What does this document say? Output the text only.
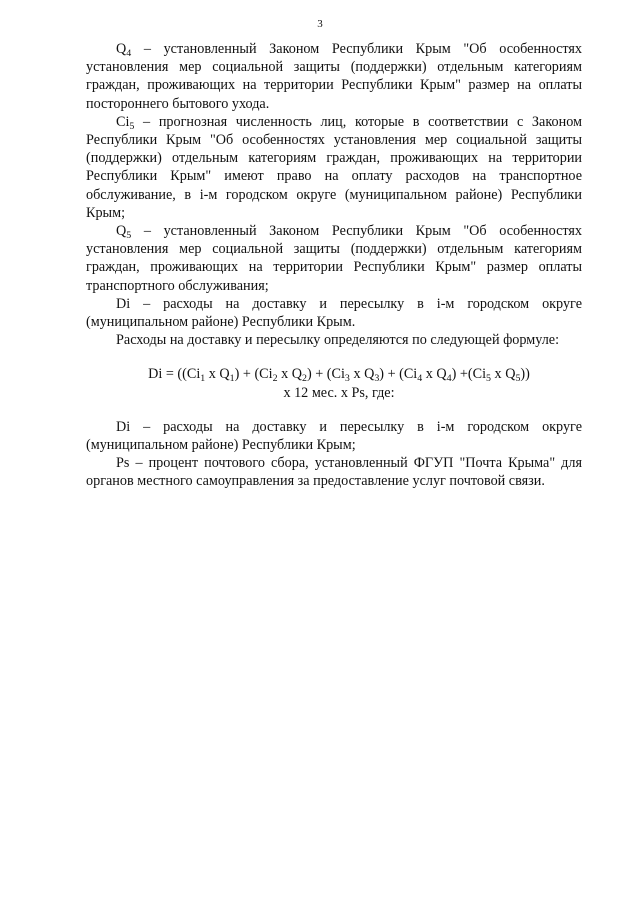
3

$Q_4$ – установленный Законом Республики Крым "Об особенностях установления мер социальной защиты (поддержки) отдельным категориям граждан, проживающих на территории Республики Крым" размер на оплаты постороннего бытового ухода.

$Ci_5$ – прогнозная численность лиц, которые в соответствии с Законом Республики Крым "Об особенностях установления мер социальной защиты (поддержки) отдельным категориям граждан, проживающих на территории Республики Крым" имеют право на оплату расходов на транспортное обслуживание, в i-м городском округе (муниципальном районе) Республики Крым;

$Q_5$ – установленный Законом Республики Крым "Об особенностях установления мер социальной защиты (поддержки) отдельным категориям граждан, проживающих на территории Республики Крым" размер оплаты транспортного обслуживания;

Di – расходы на доставку и пересылку в i-м городском округе (муниципальном районе) Республики Крым.

Расходы на доставку и пересылку определяются по следующей формуле:

$Di = ((Ci_1$ x $Q_1) + (Ci_2$ x $Q_2) + (Ci_3$ x $Q_3) + (Ci_4$ x $Q_4) +(Ci_5$ x $Q_5$))
x 12 мес. x Ps, где:

Di – расходы на доставку и пересылку в i-м городском округе (муниципальном районе) Республики Крым;

Ps – процент почтового сбора, установленный ФГУП "Почта Крыма" для органов местного самоуправления за предоставление услуг почтовой связи.
